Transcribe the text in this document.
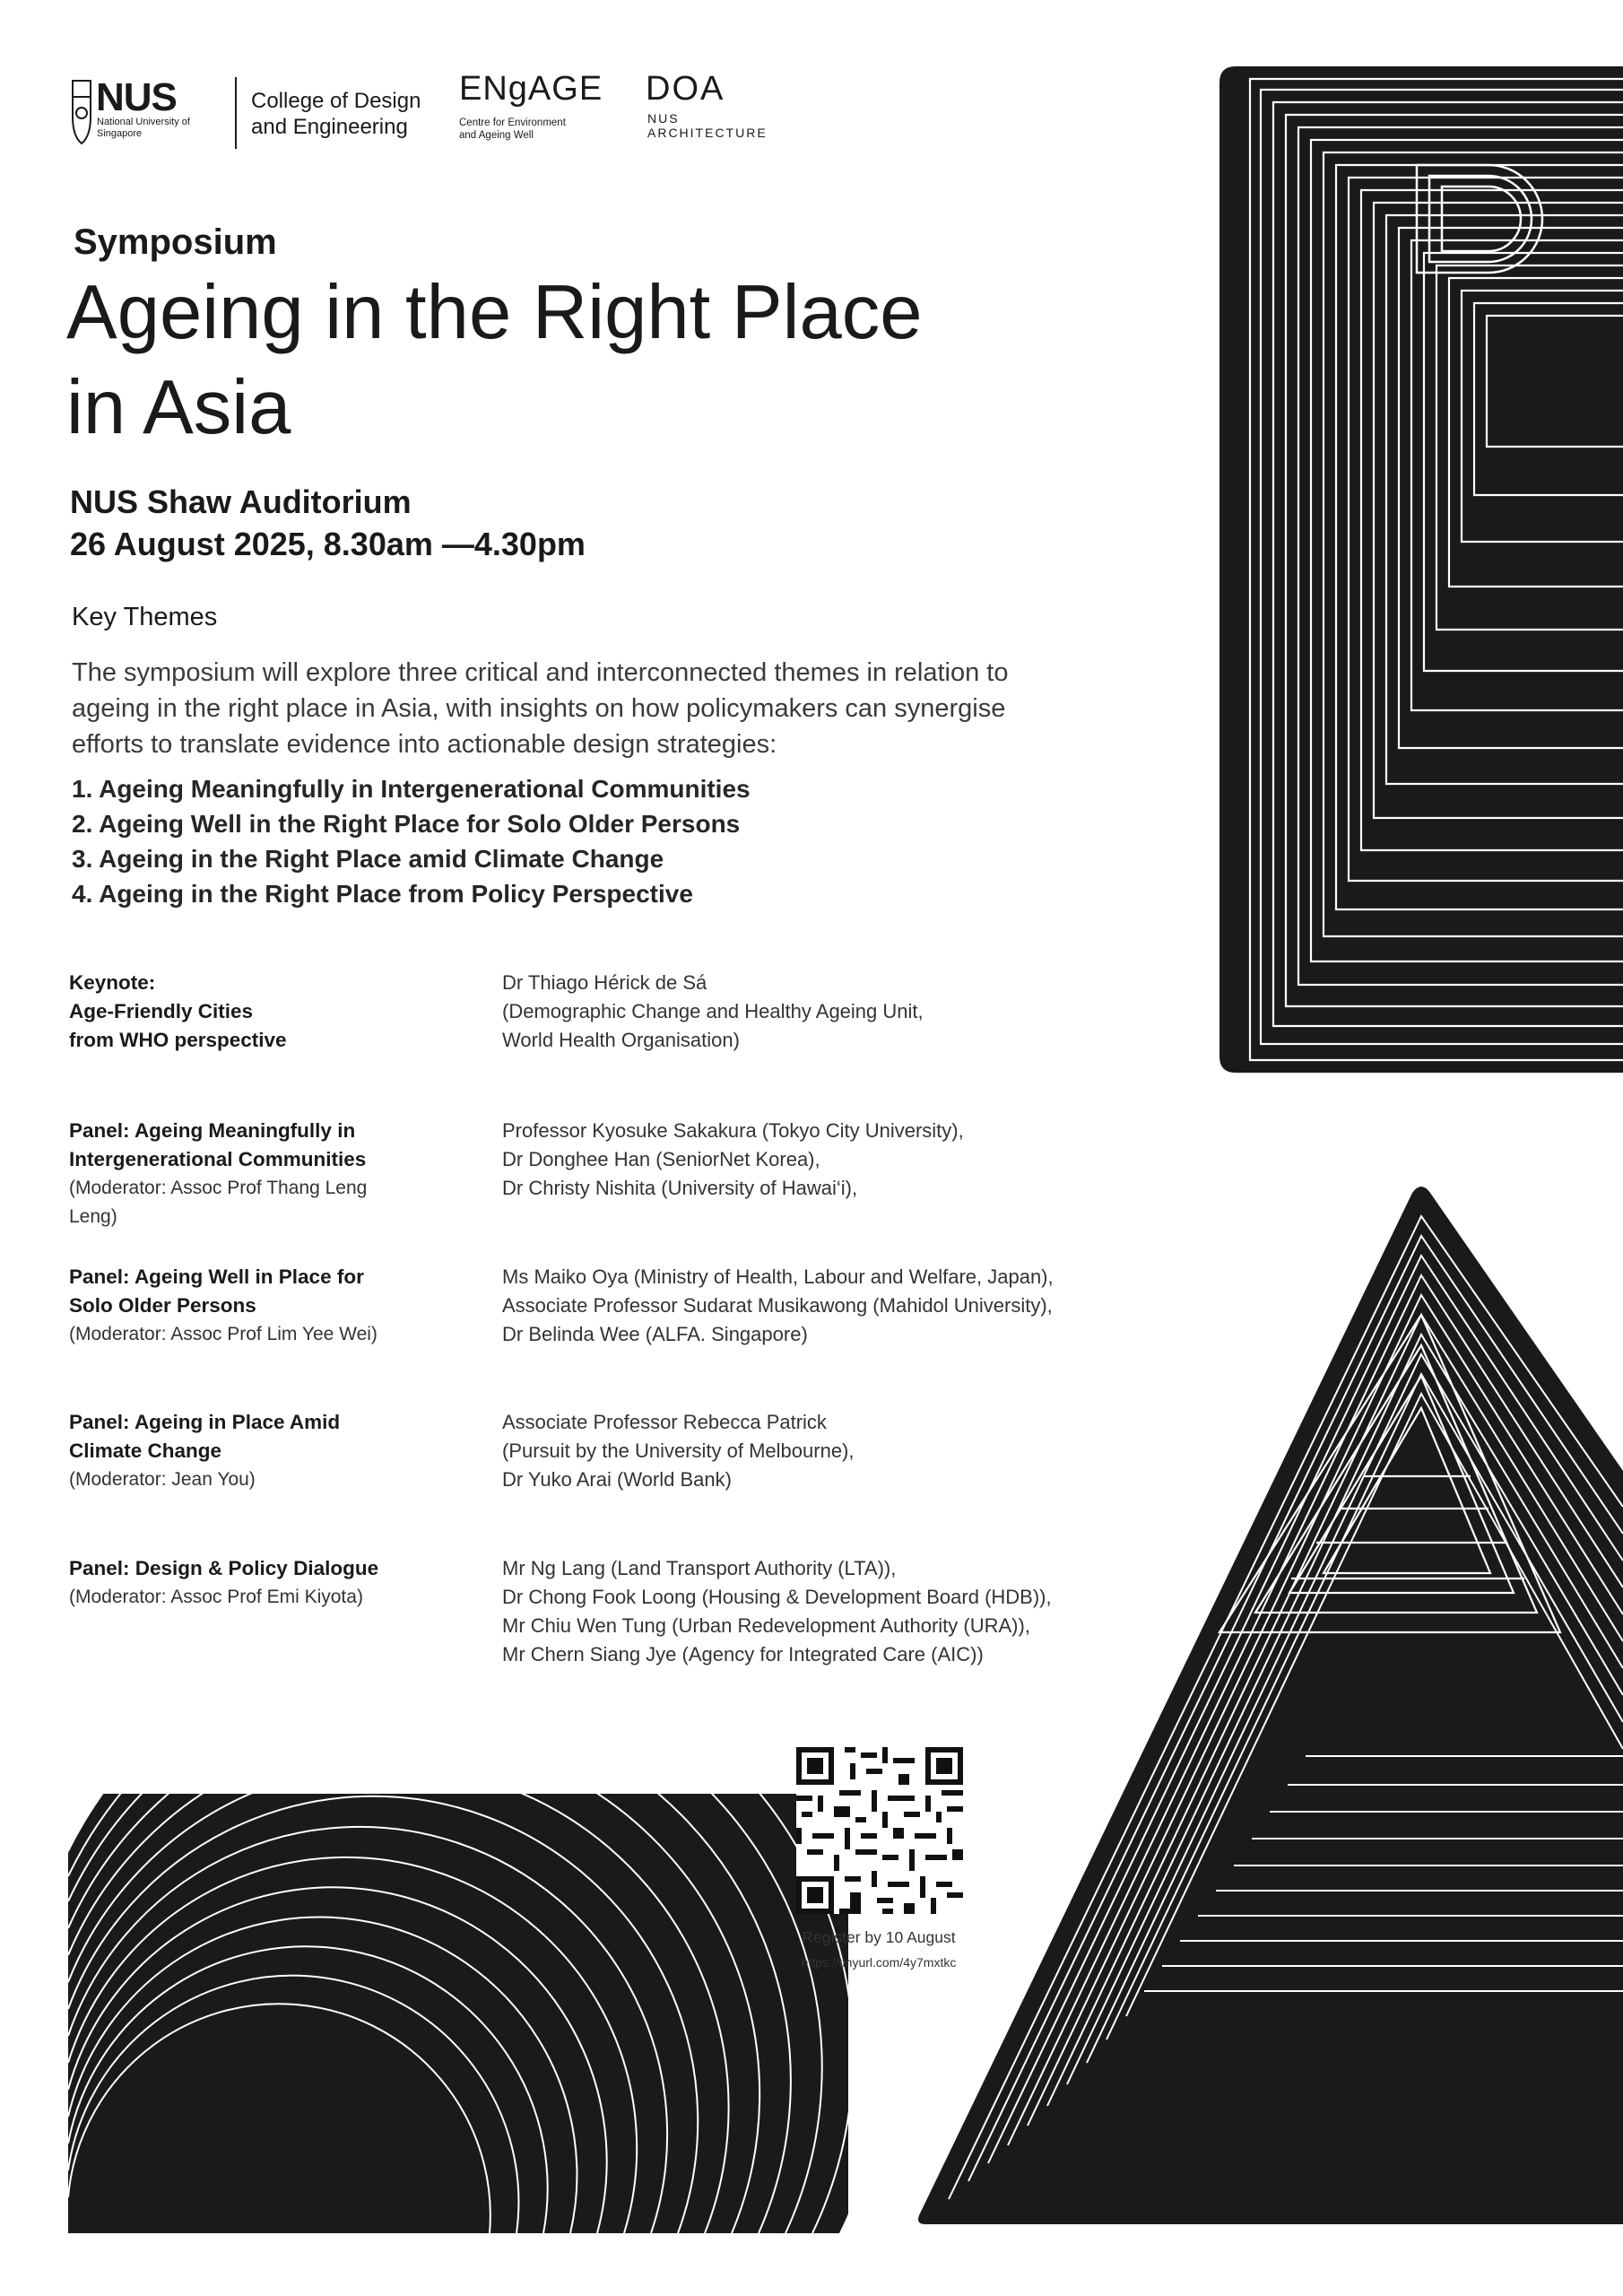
NUS
National University of Singapore
College of Design
and Engineering
ENgAGE
Centre for Environment
and Ageing Well
DOA
NUS
ARCHITECTURE
Symposium
Ageing in the Right Place
in Asia
NUS Shaw Auditorium
26 August 2025, 8.30am —4.30pm
Key Themes
The symposium will explore three critical and interconnected themes in relation to
ageing in the right place in Asia, with insights on how policymakers can synergise
efforts to translate evidence into actionable design strategies:
1. Ageing Meaningfully in Intergenerational Communities
2. Ageing Well in the Right Place for Solo Older Persons
3. Ageing in the Right Place amid Climate Change
4. Ageing in the Right Place from Policy Perspective
Keynote:
Age-Friendly Cities
from WHO perspective
Dr Thiago Hérick de Sá
(Demographic Change and Healthy Ageing Unit,
World Health Organisation)
Panel: Ageing Meaningfully in
Intergenerational Communities
(Moderator: Assoc Prof Thang Leng
Leng)
Professor Kyosuke Sakakura (Tokyo City University),
Dr Donghee Han (SeniorNet Korea),
Dr Christy Nishita (University of Hawai‘i),
Panel: Ageing Well in Place for
Solo Older Persons
(Moderator: Assoc Prof Lim Yee Wei)
Ms Maiko Oya (Ministry of Health, Labour and Welfare, Japan),
Associate Professor Sudarat Musikawong (Mahidol University),
Dr Belinda Wee (ALFA. Singapore)
Panel: Ageing in Place Amid
Climate Change
(Moderator: Jean You)
Associate Professor Rebecca Patrick
(Pursuit by the University of Melbourne),
Dr Yuko Arai (World Bank)
Panel: Design & Policy Dialogue
(Moderator: Assoc Prof Emi Kiyota)
Mr Ng Lang (Land Transport Authority (LTA)),
Dr Chong Fook Loong (Housing & Development Board (HDB)),
Mr Chiu Wen Tung (Urban Redevelopment Authority (URA)),
Mr Chern Siang Jye (Agency for Integrated Care (AIC))
Register by 10 August
https://tinyurl.com/4y7mxtkc
